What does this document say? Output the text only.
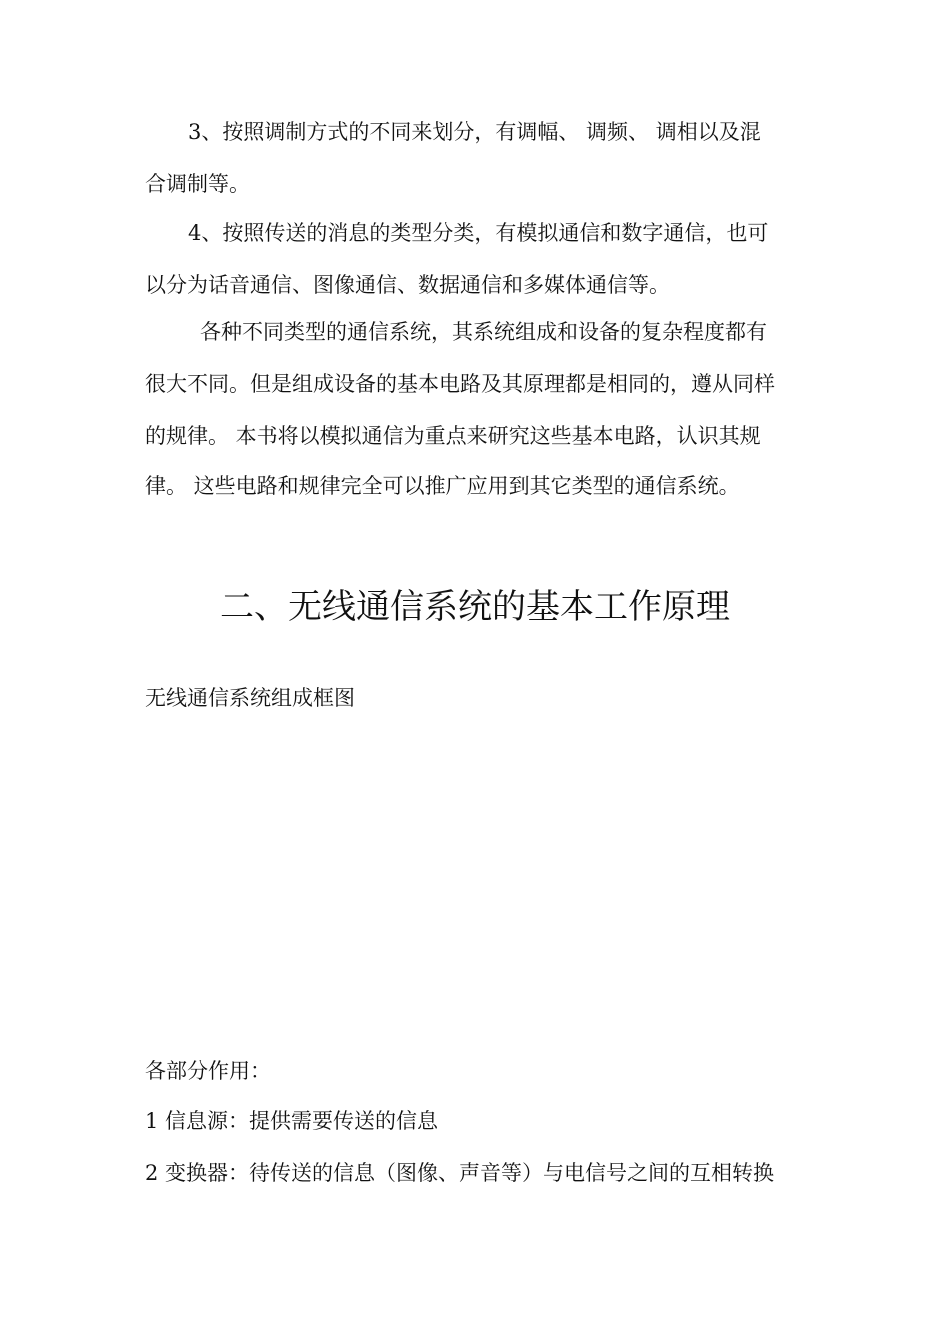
3、按照调制方式的不同来划分，有调幅、 调频、 调相以及混
合调制等。
4、按照传送的消息的类型分类，有模拟通信和数字通信，也可
以分为话音通信、图像通信、数据通信和多媒体通信等。
各种不同类型的通信系统，其系统组成和设备的复杂程度都有
很大不同。但是组成设备的基本电路及其原理都是相同的，遵从同样
的规律。 本书将以模拟通信为重点来研究这些基本电路，认识其规
律。 这些电路和规律完全可以推广应用到其它类型的通信系统。
二、无线通信系统的基本工作原理
无线通信系统组成框图
各部分作用：
1 信息源：提供需要传送的信息
2 变换器：待传送的信息（图像、声音等）与电信号之间的互相转换
